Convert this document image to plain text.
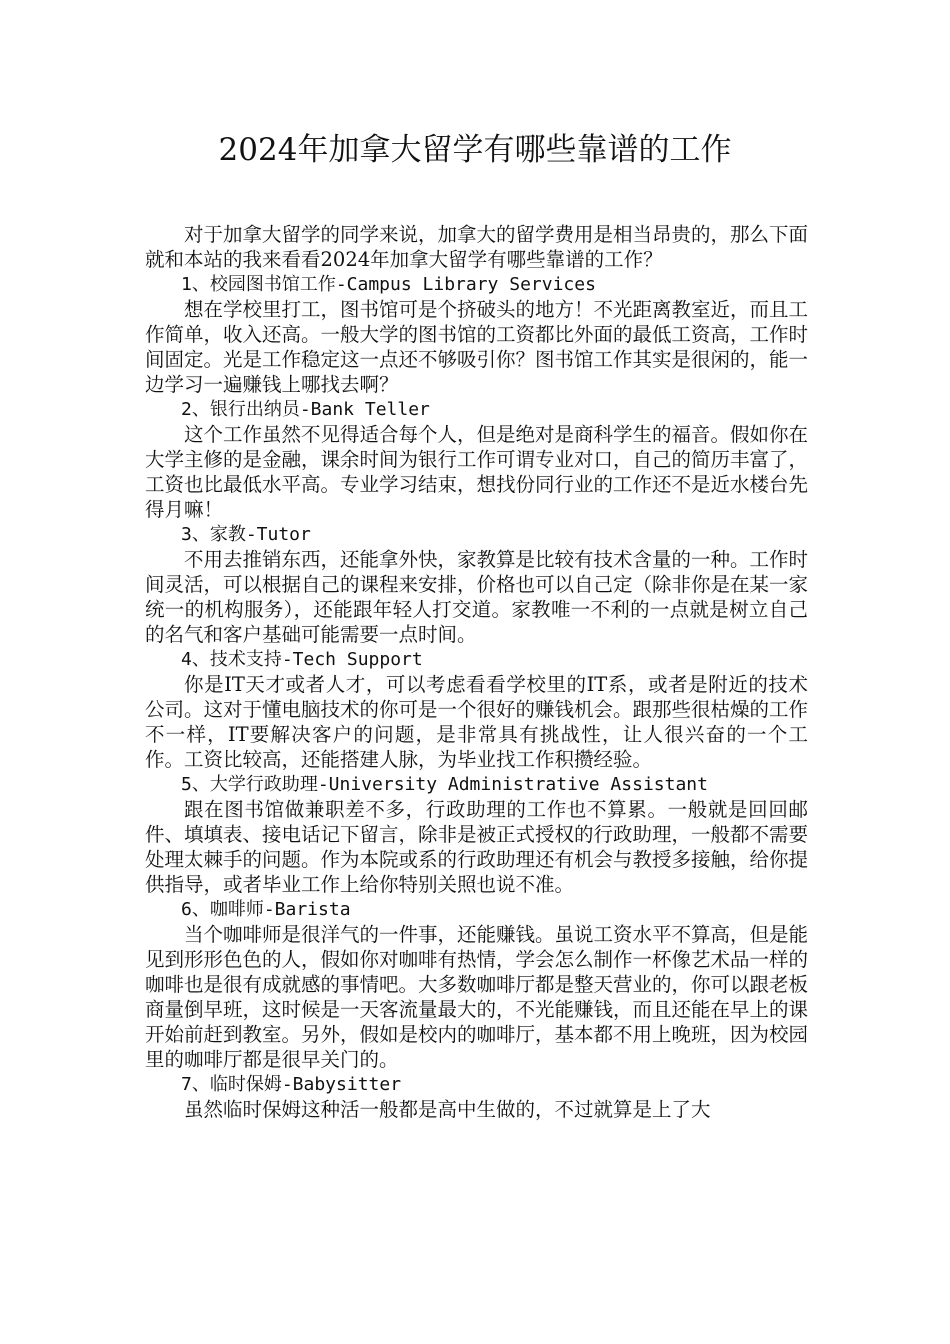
2024年加拿大留学有哪些靠谱的工作

对于加拿大留学的同学来说，加拿大的留学费用是相当昂贵的，那么下面就和本站的我来看看2024年加拿大留学有哪些靠谱的工作？

1、校园图书馆工作-Campus Library Services

想在学校里打工，图书馆可是个挤破头的地方！不光距离教室近，而且工作简单，收入还高。一般大学的图书馆的工资都比外面的最低工资高，工作时间固定。光是工作稳定这一点还不够吸引你？图书馆工作其实是很闲的，能一边学习一遍赚钱上哪找去啊？

2、银行出纳员-Bank Teller

这个工作虽然不见得适合每个人，但是绝对是商科学生的福音。假如你在大学主修的是金融，课余时间为银行工作可谓专业对口，自己的简历丰富了，工资也比最低水平高。专业学习结束，想找份同行业的工作还不是近水楼台先得月嘛！

3、家教-Tutor

不用去推销东西，还能拿外快，家教算是比较有技术含量的一种。工作时间灵活，可以根据自己的课程来安排，价格也可以自己定（除非你是在某一家统一的机构服务），还能跟年轻人打交道。家教唯一不利的一点就是树立自己的名气和客户基础可能需要一点时间。

4、技术支持-Tech Support

你是IT天才或者人才，可以考虑看看学校里的IT系，或者是附近的技术公司。这对于懂电脑技术的你可是一个很好的赚钱机会。跟那些很枯燥的工作不一样，IT要解决客户的问题，是非常具有挑战性，让人很兴奋的一个工作。工资比较高，还能搭建人脉，为毕业找工作积攒经验。

5、大学行政助理-University Administrative Assistant

跟在图书馆做兼职差不多，行政助理的工作也不算累。一般就是回回邮件、填填表、接电话记下留言，除非是被正式授权的行政助理，一般都不需要处理太棘手的问题。作为本院或系的行政助理还有机会与教授多接触，给你提供指导，或者毕业工作上给你特别关照也说不准。

6、咖啡师-Barista

当个咖啡师是很洋气的一件事，还能赚钱。虽说工资水平不算高，但是能见到形形色色的人，假如你对咖啡有热情，学会怎么制作一杯像艺术品一样的咖啡也是很有成就感的事情吧。大多数咖啡厅都是整天营业的，你可以跟老板商量倒早班，这时候是一天客流量最大的，不光能赚钱，而且还能在早上的课开始前赶到教室。另外，假如是校内的咖啡厅，基本都不用上晚班，因为校园里的咖啡厅都是很早关门的。

7、临时保姆-Babysitter

虽然临时保姆这种活一般都是高中生做的，不过就算是上了大
